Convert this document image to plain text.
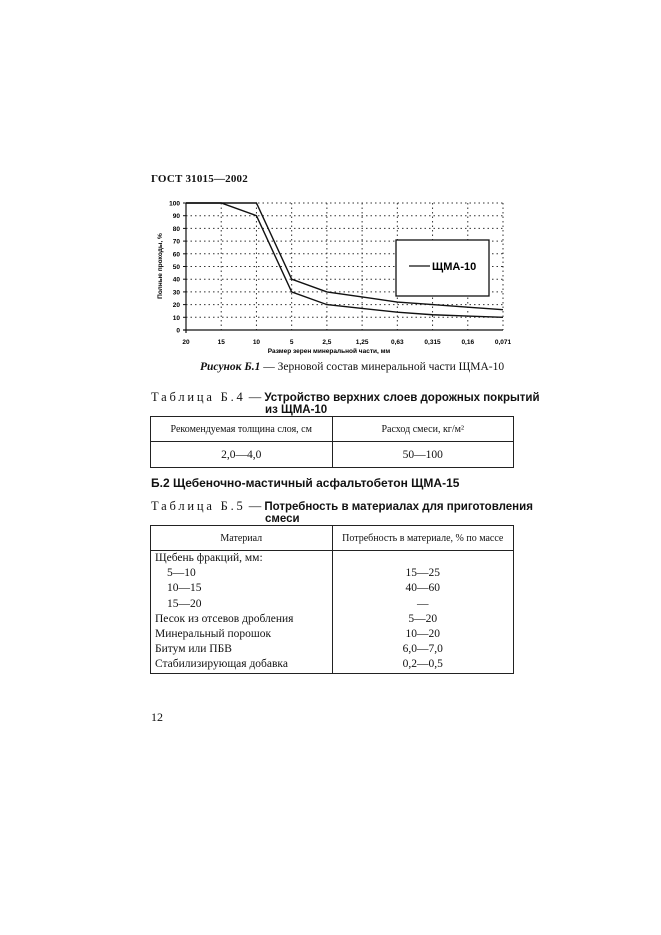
ГОСТ 31015—2002
0
10
20
30
40
50
60
70
80
90
100
20	15	10	5	2,5	1,25	0,63	0,315	0,16	0,071
Полные проходы, %
Размер зерен минеральной части, мм
ЩМА-10
Рисунок Б.1 — Зерновой состав минеральной части ЩМА-10
Таблица Б.4 — Устройство верхних слоев дорожных покрытий
из ЩМА-10
Рекомендуемая толщина слоя, см	Расход смеси, кг/м²
2,0—4,0	50—100
Б.2 Щебеночно-мастичный асфальтобетон ЩМА-15
Таблица Б.5 — Потребность в материалах для приготовления
смеси
Материал	Потребность в материале, % по массе
Щебень фракций, мм:	
5—10	15—25
10—15	40—60
15—20	—
Песок из отсевов дробления	5—20
Минеральный порошок	10—20
Битум или ПБВ	6,0—7,0
Стабилизирующая добавка	0,2—0,5
12
